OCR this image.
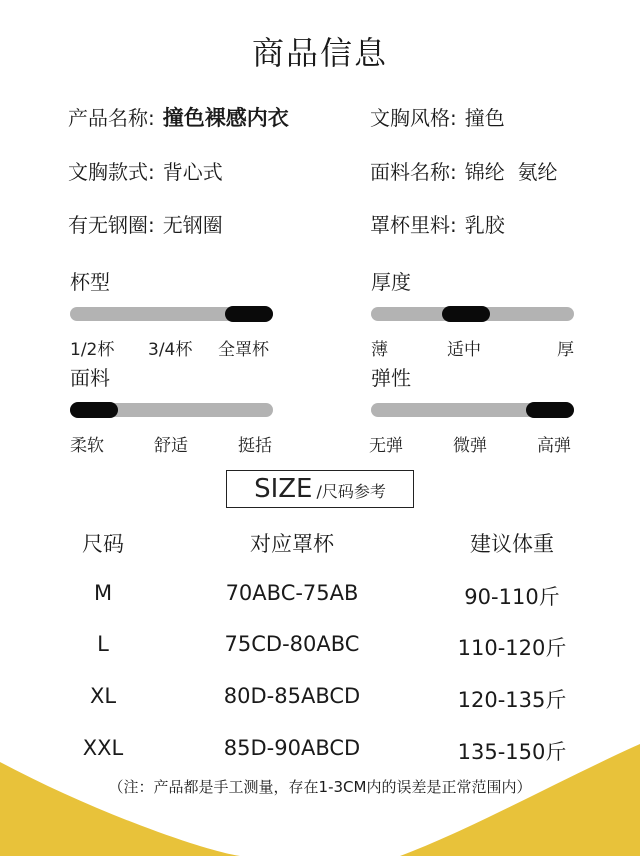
商品信息
产品名称: 撞色裸感内衣	文胸风格: 撞色
文胸款式: 背心式	面料名称: 锦纶  氨纶
有无钢圈: 无钢圈	罩杯里料: 乳胶
杯型
1/2杯 3/4杯 全罩杯
厚度
薄	适中	厚
面料
柔软	舒适	挺括
弹性
无弹	微弹	高弹
SIZE /尺码参考
尺码	对应罩杯	建议体重
M	70ABC-75AB	90-110斤
L	75CD-80ABC	110-120斤
XL	80D-85ABCD	120-135斤
XXL	85D-90ABCD	135-150斤
（注：产品都是手工测量，存在1-3CM内的误差是正常范围内）
